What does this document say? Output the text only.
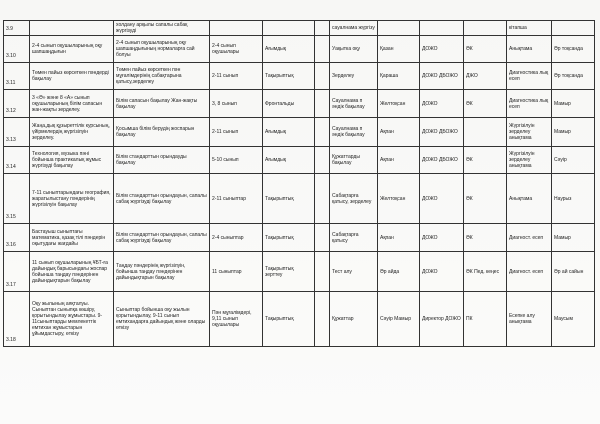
3.9		холдану арқылы сапалы сабақ жүргізуді				сауалнама жүргізу				кітапша	
3.10	2-4 сынып оқушыларының оқу шапшаңдығын	2-4 сынып оқушыларының оқу шапшаңдығының нормаларға сай болуы	2-4 сынып оқушылары	Ағымдық		Уақытка оқу	Қазан	ДОЖО	ӘК	Анықтама	Әр тоқсанда
3.11	Төмен пайыз көрсеткен пәндерді бақылау	Төмен пайыз көрсеткен пән мұғалімдерінің сабақтарына қатысу,зерделеу	2-11 сынып	Тақырыптық		Зерделеу	Қараша	ДОЖО ДБОЖО	ДЖО	Диагностика лық есеп	Әр тоқсанда
3.12	3 «Ә» және 8 «А» сынып оқушыларының білім сапасын жан-жақты зерделеу.	Білім сапасын бақылау Жан-жақты бақылау	3, 8 сынып	Фронтальды		Сауалнама п әндік бақылау	Желтоқсан	ДОЖО	ӘК	Диагностика лық есеп	Мамыр
3.13	Жаңа,дық құзыреттілік курсының, үйірмелердің жүргізілуін зерделеу.	Қосымша білім берудің жоспарын бақылау	2-11 сынып	Ағымдық		Сауалнама п әндік бақылау	Ақпан	ДОЖО ДБОЖО		Жүргізілуін зерделеу анықтама	Мамыр
3.14	Технология, музыка пәні бойынша практикалық жұмыс жүргізуді бақылау	Білім стандарттын орындауды бақылау	5-10 сынып	Ағымдық		Құжаттарды бақылау	Ақпан	ДОЖО ДБОЖО	ӘК	Жүргізілуін зерделеу анықтама	Сәуір
3.15	7-11 сыныптарындағы география, жаратылыстану пәндерінің жүргізілуін бақылау	Білім стандарттын орындауын, сапалы сабақ жүргізуді бақылау	2-11 сыныптар	Тақырыптық		Сабақтарға қатысу, зерделеу	Желтоқсан	ДОЖО	ӘК	Анықтама	Наурыз
3.16	Бастауыш сыныптағы математика, қазақ тілі пәндерін оқытудағы жағдайы	Білім стандарттын орындауын, сапалы сабақ жүргізуді бақылау	2-4 сыныптар	Тақырыптық		Сабақтарға қатысу	Ақпан	ДОЖО	ӘК	Диагност. есеп	Мамыр
3.17	11 сынып оқушыларының ҰБТ-ға дайындық барысындағы жоспар бойынша таңдау пәндерінен дайындықтарын бақылау	Таңдау пәндерінің жүргізілуін, бойынша таңдау пәндерінен дайындықтарын бақылау	11 сыныптар	Тақырыптық зерттеу		Тест алу	Әр айда	ДОЖО	ӘК Пед. кеңес	Диагност. есеп	Әр ай сайын
3.18	Оқу жылының аяқталуы. Сыныптан сыныпқа көшіру, қорытындылау жұмыстары. 9-11сыныптарды мемлекеттік емтихан жұмыстарын ұйымдастыру, өткізу	Сыныптар бойынша оқу жылын қорытындылау, 9-11 сынып емтихандарға дайындық және оларды өткізу	Пән мұғалімдері, 9,11 сынып оқушылары	Тақырыптық		Құжаттар	Сәуір Мамыр	Директор ДОЖО	ПК	Есепке алу анықтама	Маусым
